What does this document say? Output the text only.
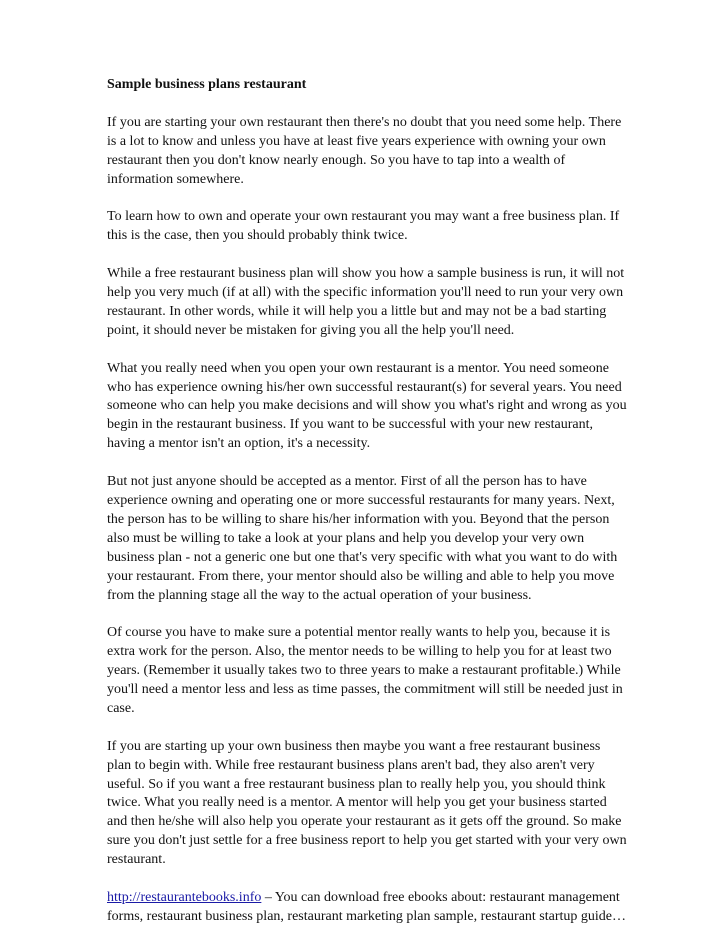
Sample business plans restaurant

If you are starting your own restaurant then there's no doubt that you need some help. There is a lot to know and unless you have at least five years experience with owning your own restaurant then you don't know nearly enough. So you have to tap into a wealth of information somewhere.

To learn how to own and operate your own restaurant you may want a free business plan. If this is the case, then you should probably think twice.

While a free restaurant business plan will show you how a sample business is run, it will not help you very much (if at all) with the specific information you'll need to run your very own restaurant. In other words, while it will help you a little but and may not be a bad starting point, it should never be mistaken for giving you all the help you'll need.

What you really need when you open your own restaurant is a mentor. You need someone who has experience owning his/her own successful restaurant(s) for several years. You need someone who can help you make decisions and will show you what's right and wrong as you begin in the restaurant business. If you want to be successful with your new restaurant, having a mentor isn't an option, it's a necessity.

But not just anyone should be accepted as a mentor. First of all the person has to have experience owning and operating one or more successful restaurants for many years. Next, the person has to be willing to share his/her information with you. Beyond that the person also must be willing to take a look at your plans and help you develop your very own business plan - not a generic one but one that's very specific with what you want to do with your restaurant. From there, your mentor should also be willing and able to help you move from the planning stage all the way to the actual operation of your business.

Of course you have to make sure a potential mentor really wants to help you, because it is extra work for the person. Also, the mentor needs to be willing to help you for at least two years. (Remember it usually takes two to three years to make a restaurant profitable.) While you'll need a mentor less and less as time passes, the commitment will still be needed just in case.

If you are starting up your own business then maybe you want a free restaurant business plan to begin with. While free restaurant business plans aren't bad, they also aren't very useful. So if you want a free restaurant business plan to really help you, you should think twice. What you really need is a mentor. A mentor will help you get your business started and then he/she will also help you operate your restaurant as it gets off the ground. So make sure you don't just settle for a free business report to help you get started with your very own restaurant.

http://restaurantebooks.info – You can download free ebooks about: restaurant management forms, restaurant business plan, restaurant marketing plan sample, restaurant startup guide…
